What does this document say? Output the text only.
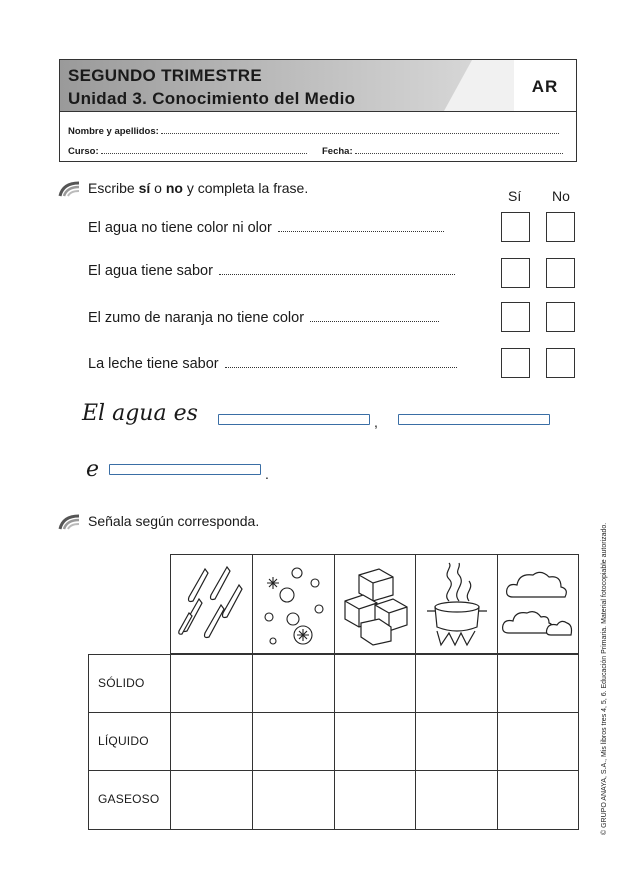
SEGUNDO TRIMESTRE
Unidad 3. Conocimiento del Medio
AR
Nombre y apellidos:
Curso:	Fecha:
Escribe sí o no y completa la frase.	Sí No
El agua no tiene color ni olor
El agua tiene sabor
El zumo de naranja no tiene color
La leche tiene sabor
El agua es	,
e	.
Señala según corresponda.
SÓLIDO
LÍQUIDO
GASEOSO	© GRUPO ANAYA, S.A., Mis libros tres 4, 5, 6. Educación Primaria. Material fotocopiable autorizado.
